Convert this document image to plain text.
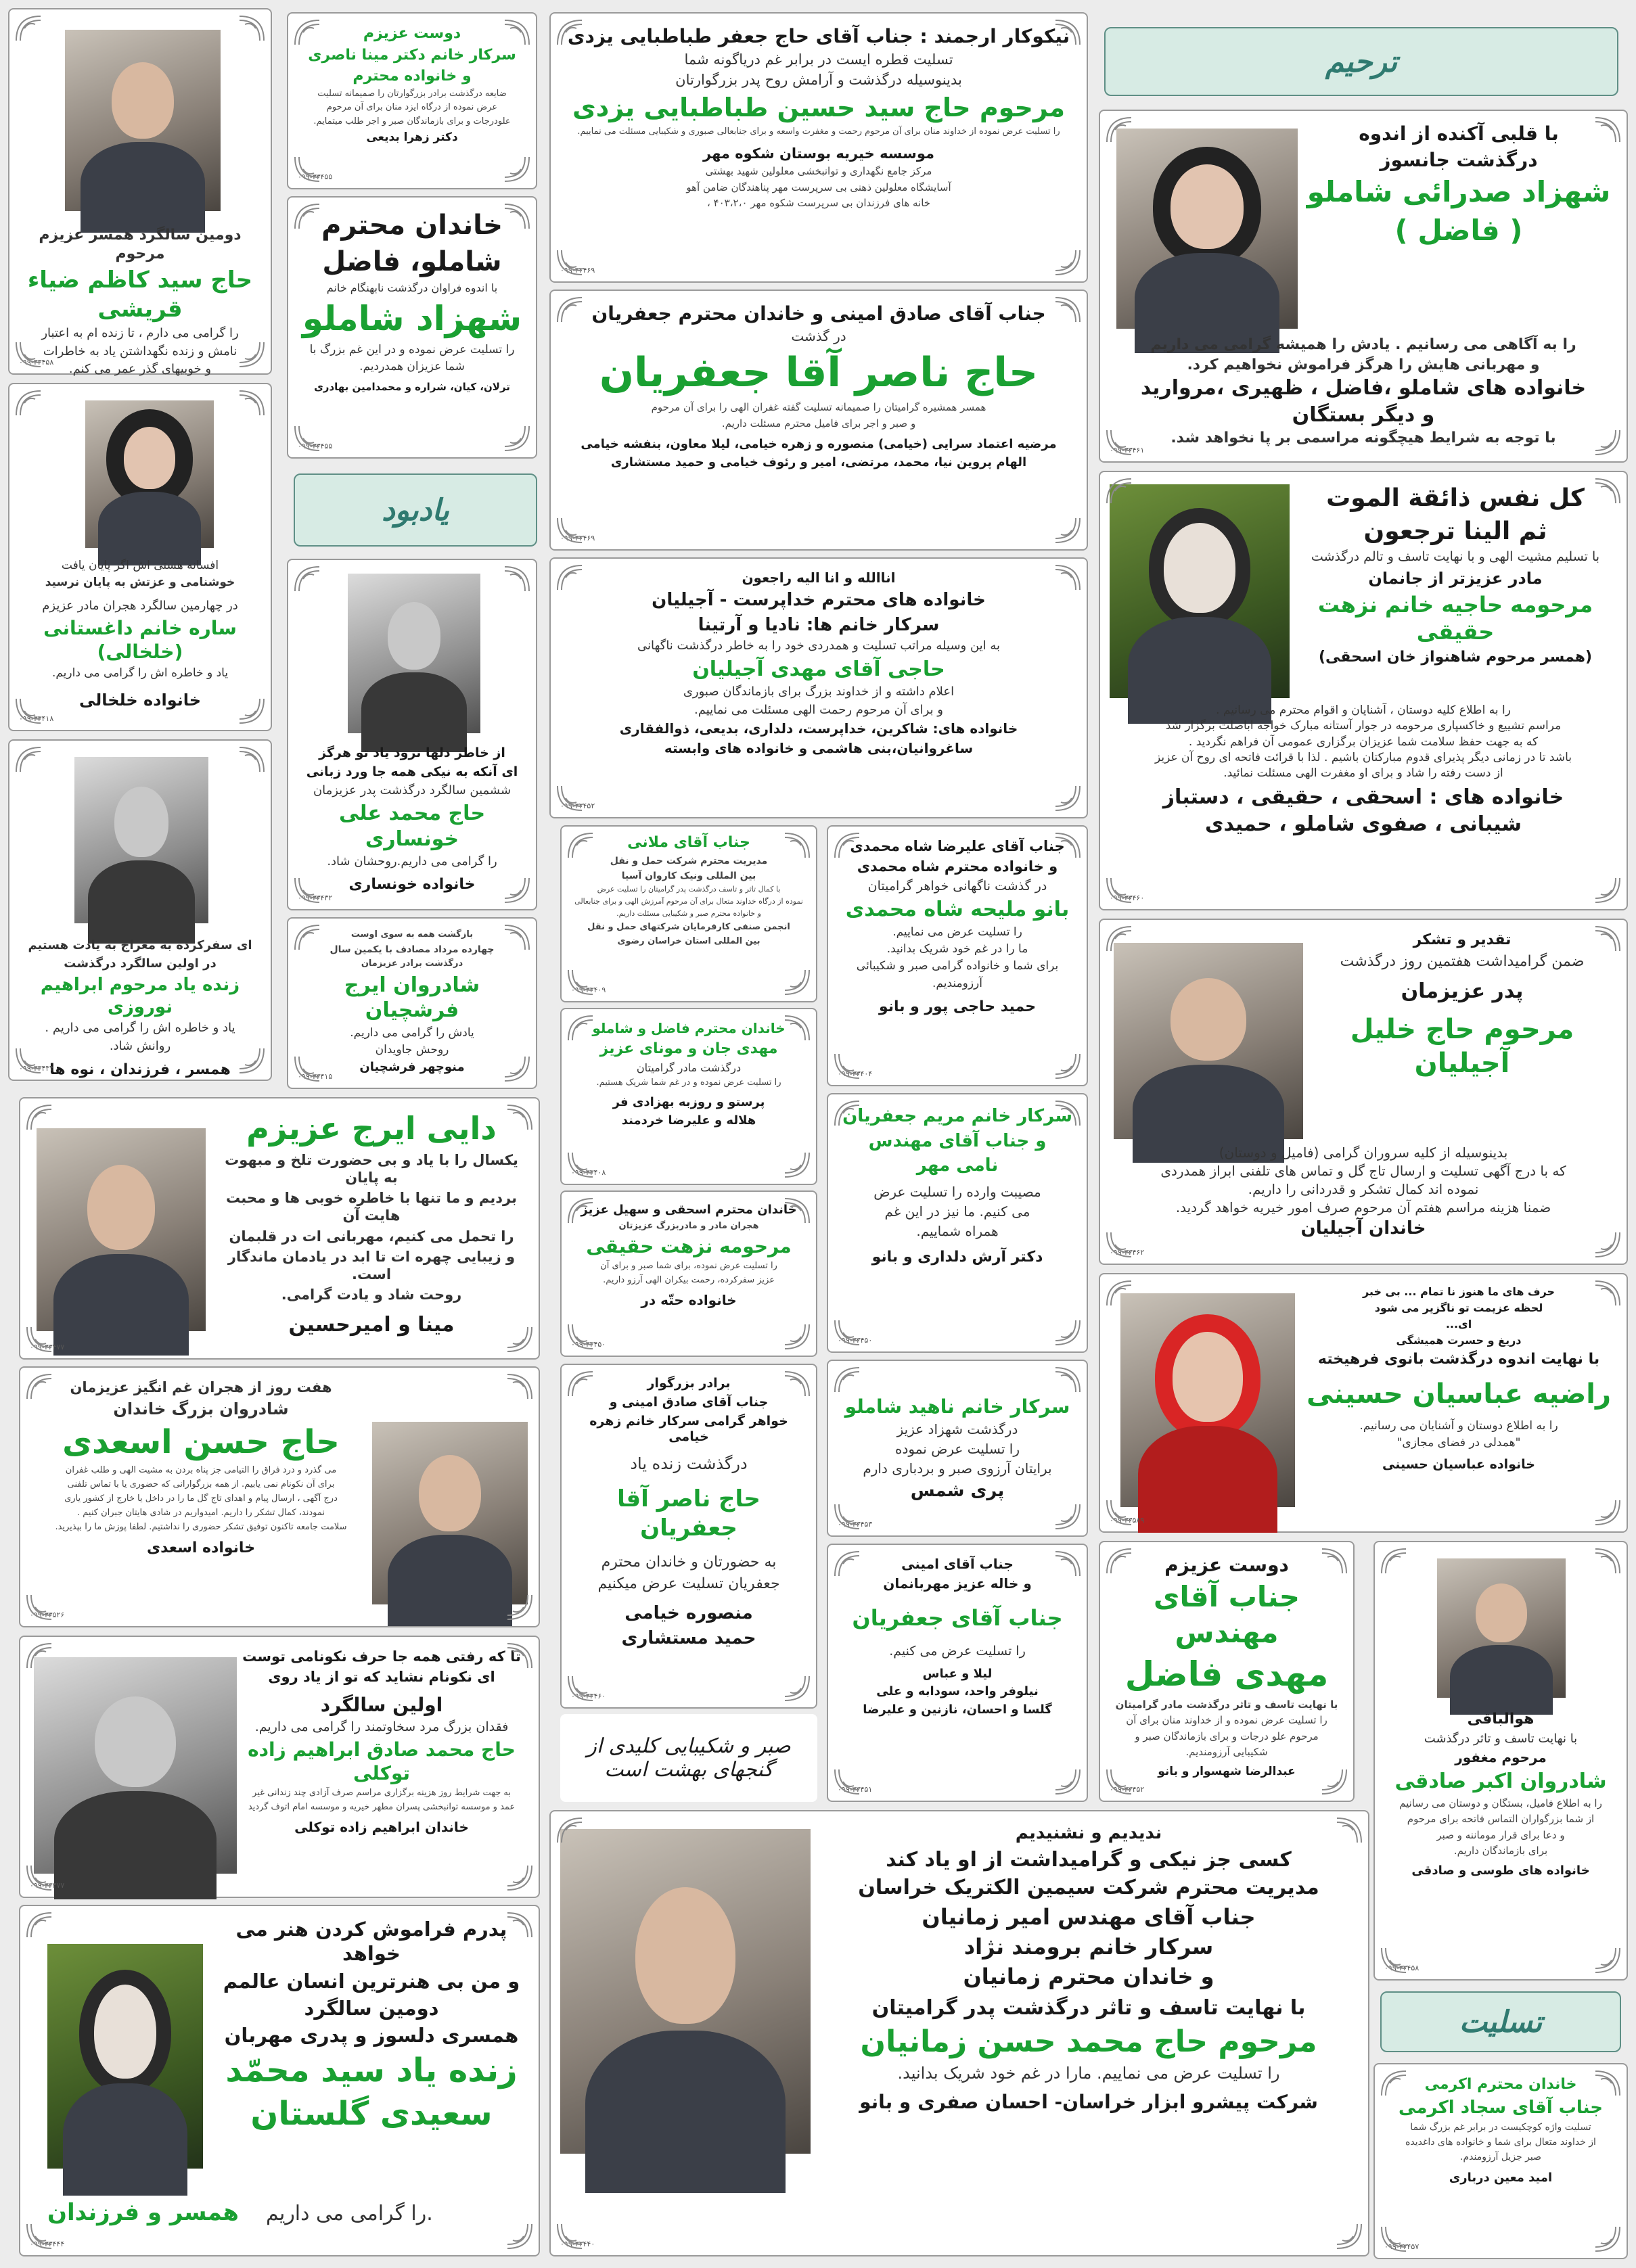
دومین سالگرد همسر عزیزم مرحوم
حاج سید کاظم ضیاء قریشی
را گرامی می دارم ، تا زنده ام به اعتبار
نامش و زنده نگهداشتن یاد به خاطرات
و خوبیهای گذر عمر می کنم.
۰۹۹-۳۳۴۵۸
افسانه هستی اش اگر پایان یافت
خوشنامی و عزتش به پایان نرسید
در چهارمین سالگرد هجران مادر عزیزم
ساره خانم داغستانی (خلخالی)
یاد و خاطره اش را گرامی می داریم.
خانواده خلخالی
۰۹۹-۳۳۴۱۸
ای سفرکرده به معراج به یادت هستیم
در اولین سالگرد درگذشت
زنده یاد مرحوم ابراهیم نوروزی
یاد و خاطره اش را گرامی می داریم .
روانش شاد.
همسر ، فرزندان ، نوه ها
۰۹۹-۳۳۴۳۳
دایی ایرج عزیزم
یکسال را با یاد و بی حضورت تلخ و مبهوت به پایان
بردیم و ما تنها با خاطره خوبی ها و محبت هایت آن
را تحمل می کنیم، مهربانی ات در قلبمان
و زیبایی چهره ات تا ابد در یادمان ماندگار است.
روحت شاد و یادت گرامی.
مینا و امیرحسین
۰۹۹-۳۳۴۷۷
هفت روز از هجران غم انگیز عزیزمان
شادروان بزرگ خاندان
حاج حسن اسعدی
می گذرد و درد فراق را التیامی جز پناه بردن به مشیت الهی و طلب غفران
برای آن نکونام نمی یابیم. از همه بزرگوارانی که حضوری یا با تماس تلفنی
درج آگهی ، ارسال پیام و اهدای تاج گل ما را در داخل یا خارج از کشور یاری
نمودند، کمال تشکر را داریم. امیدواریم در شادی هایتان جبران کنیم .
سلامت جامعه تاکنون توفیق تشکر حضوری را نداشتیم. لطفا پوزش ما را بپذیرید.
خانواده اسعدی
۰۹۹-۳۳۵۲۶
تا که رفتی همه جا حرف نکونامی توست
ای نکونام نشاید که تو از یاد روی
اولین سالگرد
فقدان بزرگ مرد سخاوتمند را گرامی می داریم.
حاج محمد صادق ابراهیم زاده توکلی
به جهت شرایط روز هزینه برگزاری مراسم صرف آزادی چند زندانی غیر
عمد و موسسه توانبخشی پسران مطهر خیریه و موسسه امام اتوف گردید
خاندان ابراهیم زاده توکلی
۰۹۹-۳۳۴۷۷
پدرم فراموش کردن هنر می خواهد
و من بی هنرترین انسان عالمم
دومین سالگرد
همسری دلسوز و پدری مهربان
زنده یاد سید محمّد
سعیدی گلستان
همسر و فرزندان را گرامی می داریم.
۰۹۹-۳۳۴۴۴
دوست عزیزم
سرکار خانم دکتر مینا ناصری
و خانواده محترم
ضایعه درگذشت برادر بزرگوارتان را صمیمانه تسلیت
عرض نموده از درگاه ایزد منان برای آن مرحوم
علودرجات و برای بازماندگان صبر و اجر طلب میتمایم.
دکتر زهرا بدیعی
۰۹۹-۳۳۴۵۵
خاندان محترم
شاملو، فاضل
با اندوه فراوان درگذشت نابهنگام خانم
شهزاد شاملو
را تسلیت عرض نموده و در این غم بزرگ با
شما عزیزان همدردیم.
ترلان، کیان، شراره و محمدامین بهادری
۰۹۹-۳۳۴۵۵
یادبود
از خاطر دلها نرود یاد تو هرگز
ای آنکه به نیکی همه جا ورد زبانی
ششمین سالگرد درگذشت پدر عزیزمان
حاج محمد علی خونساری
را گرامی می داریم.روحشان شاد.
خانواده خونساری
۰۹۹-۳۳۴۳۲
بازگشت همه به سوی اوست
چهارده مرداد مصادف با یکمین سال
درگذشت برادر عزیزمان
شادروان ایرج فرشچیان
یادش را گرامی می داریم.
روحش جاویدان
منوچهر فرشچیان
۰۹۹-۳۳۴۱۵
نیکوکار ارجمند : جناب آقای حاج جعفر طباطبایی یزدی
تسلیت قطره ایست در برابر غم دریاگونه شما
بدینوسیله درگذشت و آرامش روح پدر بزرگوارتان
مرحوم حاج سید حسین طباطبایی یزدی
را تسلیت عرض نموده از خداوند منان برای آن مرحوم رحمت و مغفرت واسعه و برای جنابعالی صبوری و شکیبایی مسئلت می نماییم.
موسسه خیریه بوستان شکوه مهر
مرکز جامع نگهداری و توانبخشی معلولین شهید بهشتی
آسایشگاه معلولین ذهنی بی سرپرست مهر پناهندگان ضامن آهو
خانه های فرزندان بی سرپرست شکوه مهر ۴۰۳،۲،۰ ،
۰۹۹-۳۳۴۶۹
جناب آقای صادق امینی و خاندان محترم جعفریان
در گذشت
حاج ناصر آقا جعفریان
همسر همشیره گرامیتان را صمیمانه تسلیت گفته غفران الهی را برای آن مرحوم
و صبر و اجر برای فامیل محترم مسئلت داریم.
مرضیه اعتماد سرایی (خیامی) منصوره و زهره خیامی، لیلا معاون، بنفشه خیامی
الهام پروین نیا، محمد، مرتضی، امیر و رئوف خیامی و حمید مستشاری
۰۹۹-۳۳۴۶۹
اناالله و انا الیه راجعون
خانواده های محترم خداپرست - آجیلیان
سرکار خانم ها: نادیا و آرتینا
به این وسیله مراتب تسلیت و همدردی خود را به خاطر درگذشت ناگهانی
حاجی آقای مهدی آجیلیان
اعلام داشته و از خداوند بزرگ برای بازماندگان صبوری
و برای آن مرحوم رحمت الهی مسئلت می نماییم.
خانواده های: شاکرین، خداپرست، دلداری، بدیعی، ذوالفقاری
ساغروانیان،بنی هاشمی و خانواده های وابسته
۰۹۹-۳۳۴۵۲
جناب آقای ملانی
مدیریت محترم شرکت حمل و نقل
بین المللی ونیک کاروان آسیا
با کمال تاثر و تاسف درگذشت پدر گرامیتان را تسلیت عرض
نموده از درگاه خداوند متعال برای آن مرحوم آمرزش الهی و برای جنابعالی
و خانواده محترم صبر و شکیبایی مسئلت داریم.
انجمن صنفی کارفرمایان شرکتهای حمل و نقل
بین المللی استان خراسان رضوی
۰۹۹-۳۳۴۰۹
خاندان محترم فاضل و شاملو
مهدی جان و مونای عزیز
درگذشت مادر گرامیتان
را تسلیت عرض نموده و در غم شما شریک هستیم.
پرستو و روزبه بهزادی فر
هلاله و علیرضا خردمند
۰۹۹-۳۳۴۰۸
خاندان محترم اسحقی و سهیل عزیز
هجران مادر و مادربزرگ عزیزتان
مرحومه نزهت حقیقی
را تسلیت عرض نموده، برای شما صبر و برای آن
عزیز سفرکرده، رحمت بیکران الهی آرزو داریم.
خانواده حتّه در
۰۹۹-۳۳۴۵۰
برادر بزرگوار
جناب آقای صادق امینی و
خواهر گرامی سرکار خانم زهره خیامی
درگذشت زنده یاد
حاج ناصر آقا جعفریان
به حضورتان و خاندان محترم
جعفریان تسلیت عرض میکنیم
منصوره خیامی
حمید مستشاری
۰۹۹-۳۳۴۶۰
صبر و شکیبایی کلیدی از گنجهای بهشت است
جناب آقای علیرضا شاه محمدی
و خانواده محترم شاه محمدی
در گذشت ناگهانی خواهر گرامیتان
بانو ملیحه شاه محمدی
را تسلیت عرض می نماییم.
ما را در غم خود شریک بدانید.
برای شما و خانواده گرامی صبر و شکیبائی
آرزومندیم.
حمید حاجی پور و بانو
۰۹۹-۳۳۴۰۴
سرکار خانم مریم جعفریان
و جناب آقای مهندس
نامی مهر
مصیبت وارده را تسلیت عرض
می کنیم. ما نیز در این غم
همراه شماییم.
دکتر آرش دلداری و بانو
۰۹۹-۳۳۴۵۰
سرکار خانم ناهید شاملو
درگذشت شهزاد عزیز
را تسلیت عرض نموده
برایتان آرزوی صبر و بردباری دارم
پری شمس
۰۹۹-۳۳۴۵۳
جناب آقای امینی
و خاله عزیز مهربانمان
جناب آقای جعفریان
را تسلیت عرض می کنیم.
لیلا و عباس
نیلوفر واحد، سودابه و علی
گلسا و احسان، نازنین و علیرضا
۰۹۹-۳۳۴۵۱
ندیدیم و نشنیدیم
کسی جز نیکی و گرامیداشت از او یاد کند
مدیریت محترم شرکت سیمین الکتریک خراسان
جناب آقای مهندس امیر زمانیان
سرکار خانم برومند نژاد
و خاندان محترم زمانیان
با نهایت تاسف و تاثر درگذشت پدر گرامیتان
مرحوم حاج محمد حسن زمانیان
را تسلیت عرض می نماییم. مارا در غم خود شریک بدانید.
شرکت پیشرو ابزار خراسان- احسان صفری و بانو
۰۹۹-۳۳۴۴۰
ترحیم
با قلبی آکنده از اندوه
درگذشت جانسوز
شهزاد صدرائی شاملو
( فاضل )
را به آگاهی می رسانیم . یادش را همیشه گرامی می داریم
و مهربانی هایش را هرگز فراموش نخواهیم کرد.
خانواده های شاملو ،فاضل ، ظهیری ،مروارید
و دیگر بستگان
با توجه به شرایط هیچگونه مراسمی بر پا نخواهد شد.
۰۹۹-۳۳۴۶۱
کل نفس ذائقة الموت
ثم الینا ترجعون
با تسلیم مشیت الهی و با نهایت تاسف و تالم درگذشت
مادر عزیزتر از جانمان
مرحومه حاجیه خانم نزهت حقیقی
(همسر مرحوم شاهنواز خان اسحقی)
را به اطلاع کلیه دوستان ، آشنایان و اقوام محترم می رسانیم .
مراسم تشییع و خاکسپاری مرحومه در جوار آستانه مبارک خواجه اباصلت برگزار شد
که به جهت حفظ سلامت شما عزیزان برگزاری عمومی آن فراهم نگردید .
باشد تا در زمانی دیگر پذیرای قدوم مبارکتان باشیم . لذا با قرائت فاتحه ای روح آن عزیز
از دست رفته را شاد و برای او مغفرت الهی مسئلت نمائید.
خانواده های : اسحقی ، حقیقی ، دستباز
شیبانی ، صفوی شاملو ، حمیدی
۰۹۹-۳۳۴۶۰
تقدیر و تشکر
ضمن گرامیداشت هفتمین روز درگذشت
پدر عزیزمان
مرحوم حاج خلیل آجیلیان
بدینوسیله از کلیه سروران گرامی (فامیل و دوستان)
که با درج آگهی تسلیت و ارسال تاج گل و تماس های تلفنی ابراز همدردی
نموده اند کمال تشکر و قدردانی را داریم.
ضمنا هزینه مراسم هفتم آن مرحوم صرف امور خیریه خواهد گردید.
خاندان آجیلیان
۰۹۹-۳۳۴۶۲
حرف های ما هنوز نا تمام ... بی خبر
لحظه عزیمت تو ناگزیر می شود
ای...
دریغ و حسرت همیشگی
با نهایت اندوه درگذشت بانوی فرهیخته
راضیه عباسیان حسینی
را به اطلاع دوستان و آشنایان می رسانیم.
"همدلی در فضای مجازی"
خانواده عباسیان حسینی
۰۹۹-۳۳۵۸۹
دوست عزیزم
جناب آقای مهندس
مهدی فاضل
با نهایت تاسف و تاثر درگذشت مادر گرامیتان
را تسلیت عرض نموده و از خداوند منان برای آن
مرحوم علو درجات و برای بازماندگان صبر و
شکیبایی آرزومندیم.
عبدالرضا شهسوار و بانو
۰۹۹-۳۳۴۵۲
هوالباقی
با نهایت تاسف و تاثر درگذشت
مرحوم مغفور
شادروان اکبر صادقی
را به اطلاع فامیل، بستگان و دوستان می رسانیم
از شما بزرگواران التماس فاتحه برای مرحوم
و دعا برای قرار موماننه و صبر
برای بازماندگان داریم.
خانواده های طوسی و صادقی
۰۹۹-۳۳۴۵۸
تسلیت
خاندان محترم اکرمی
جناب آقای سجاد اکرمی
تسلیت واژه کوچکیست در برابر غم بزرگ شما
از خداوند متعال برای شما و خانواده های داغدیده
صبر جزیل آرزومندم.
امید معین درباری
۰۹۹-۳۳۴۵۷
